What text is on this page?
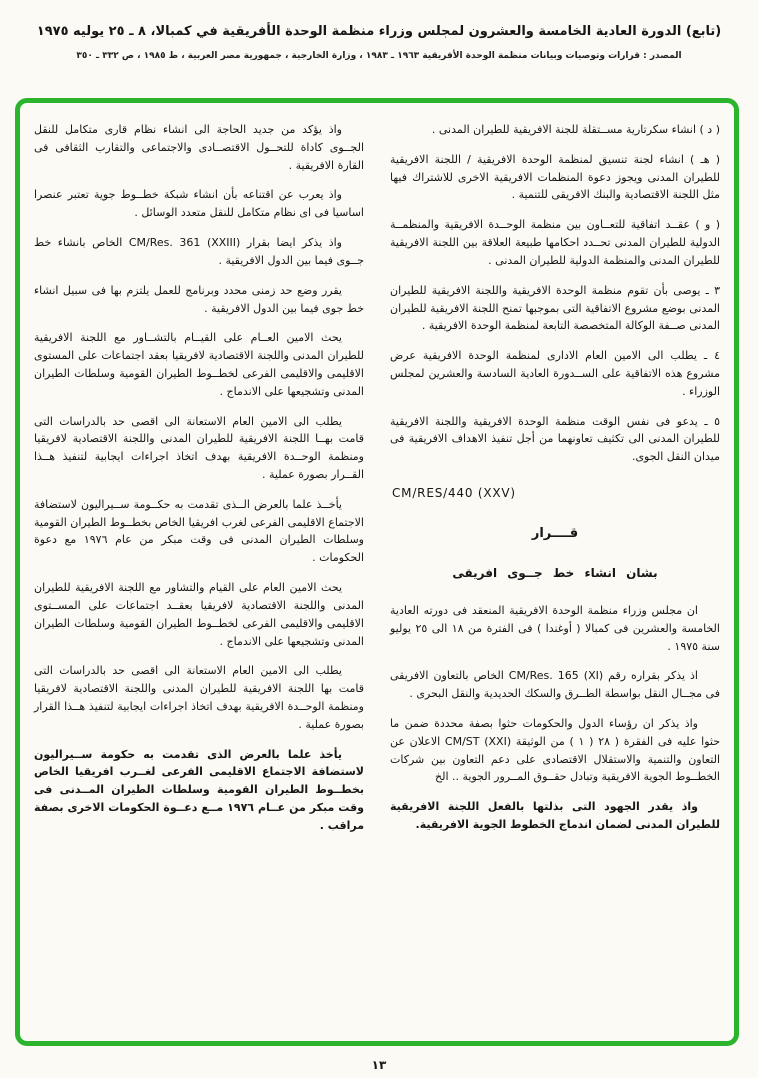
(تابع) الدورة العادية الخامسة والعشرون لمجلس وزراء منظمة الوحدة الأفريقية في كمبالا، ٨ ـ ٢٥ يوليه ١٩٧٥
المصدر : قرارات وتوصيات وبيانات منظمة الوحدة الأفريقية ١٩٦٣ ـ ١٩٨٣ ، وزارة الخارجية ، جمهورية مصر العربية ، ط ١٩٨٥ ، ص ٣٣٢ ـ ٣٥٠

( د ) انشاء سكرتارية مســتقلة للجنة الافريقية للطيران المدنى .

( هـ ) انشاء لجنة تنسيق لمنظمة الوحدة الافريقية / اللجنة الافريقية للطيران المدنى ويجوز دعوة المنظمات الافريقية الاخرى للاشتراك فيها مثل اللجنة الاقتصادية والبنك الافريقى للتنمية .

( و ) عقــد اتفاقية للتعــاون بين منظمة الوحــدة الافريقية والمنظمــة الدولية للطيران المدنى تحــدد احكامها طبيعة العلاقة بين اللجنة الافريقية للطيران المدنى والمنظمة الدولية للطيران المدنى .

٣ ـ يوصى بأن تقوم منظمة الوحدة الافريقية واللجنة الافريقية للطيران المدنى بوضع مشروع الاتفاقية التى بموجبها تمنح اللجنة الافريقية للطيران المدنى صــفة الوكالة المتخصصة التابعة لمنظمة الوحدة الافريقية .

٤ ـ يطلب الى الامين العام الادارى لمنظمة الوحدة الافريقية عرض مشروع هذه الاتفاقية على الســدورة العادية السادسة والعشرين لمجلس الوزراء .

٥ ـ يدعو فى نفس الوقت منظمة الوحدة الافريقية واللجنة الافريقية للطيران المدنى الى تكثيف تعاونهما من أجل تنفيذ الاهداف الافريقية فى ميدان النقل الجوى.

CM/RES/440 (XXV)
قــــرار
بشان انشاء خط جــوى افريقى

ان مجلس وزراء منظمة الوحدة الافريقية المنعقد فى دورته العادية الخامسة والعشرين فى كمبالا ( أوغندا ) فى الفترة من ١٨ الى ٢٥ يوليو سنة ١٩٧٥ .

اذ يذكر بقراره رقم CM/Res. 165 (XI) الخاص بالتعاون الافريقى فى مجــال النقل بواسطة الطــرق والسكك الحديدية والنقل البحرى .

واذ يذكر ان رؤساء الدول والحكومات حثوا بصفة محددة ضمن ما حثوا عليه فى الفقرة ( ٢٨ ( ١ ) من الوثيقة CM/ST (XXI) الاعلان عن التعاون والتنمية والاستقلال الاقتصادى على دعم التعاون بين شركات الخطــوط الجوية الافريقية وتبادل حقــوق المــرور الجوية .. الخ

واذ يقدر الجهود التى بذلتها بالفعل اللجنة الافريقية للطيران المدنى لضمان اندماج الخطوط الجوية الافريقية.

واذ يؤكد من جديد الحاجة الى انشاء نظام قارى متكامل للنقل الجــوى كاداة للتحــول الاقتصــادى والاجتماعى والتقارب الثقافى فى القارة الافريقية .

واذ يعرب عن اقتناعه بأن انشاء شبكة خطــوط جوية تعتبر عنصرا اساسيا فى اى نظام متكامل للنقل متعدد الوسائل .

واذ يذكر ايضا بقرار CM/Res. 361 (XXIII) الخاص بانشاء خط جــوى فيما بين الدول الافريقية .

يقرر وضع حد زمنى محدد وبرنامج للعمل يلتزم بها فى سبيل انشاء خط جوى فيما بين الدول الافريقية .

يحث الامين العــام على القيــام بالتشــاور مع اللجنة الافريقية للطيران المدنى واللجنة الاقتصادية لافريقيا بعقد اجتماعات على المستوى الاقليمى والاقليمى الفرعى لخطــوط الطيران القومية وسلطات الطيران المدنى وتشجيعها على الاندماج .

يطلب الى الامين العام الاستعانة الى اقصى حد بالدراسات التى قامت بهــا اللجنة الافريقية للطيران المدنى واللجنة الاقتصادية لافريقيا ومنظمة الوحــدة الافريقية بهدف اتخاذ اجراءات ايجابية لتنفيذ هــذا القــرار بصورة عملية .

يأخــذ علما بالعرض الــذى تقدمت به حكــومة ســيراليون لاستضافة الاجتماع الاقليمى الفرعى لغرب افريقيا الخاص بخطــوط الطيران القومية وسلطات الطيران المدنى فى وقت مبكر من عام ١٩٧٦ مع دعوة الحكومات .

يحث الامين العام على القيام والتشاور مع اللجنة الافريقية للطيران المدنى واللجنة الاقتصادية لافريقيا بعقــد اجتماعات على المســتوى الاقليمى والاقليمى الفرعى لخطــوط الطيران القومية وسلطات الطيران المدنى وتشجيعها على الاندماج .

يطلب الى الامين العام الاستعانة الى اقصى حد بالدراسات التى قامت بها اللجنة الافريقية للطيران المدنى واللجنة الاقتصادية لافريقيا ومنظمة الوحــدة الافريقية بهدف اتخاذ اجراءات ايجابية لتنفيذ هــذا القرار بصورة عملية .

يأخذ علما بالعرض الذى تقدمت به حكومة ســيراليون لاستضافة الاجتماع الاقليمى الفرعى لغــرب افريقيا الخاص بخطــوط الطيران القومية وسلطات الطيران المــدنى فى وقت مبكر من عــام ١٩٧٦ مــع دعــوة الحكومات الاخرى بصفة مراقب .

١٣
